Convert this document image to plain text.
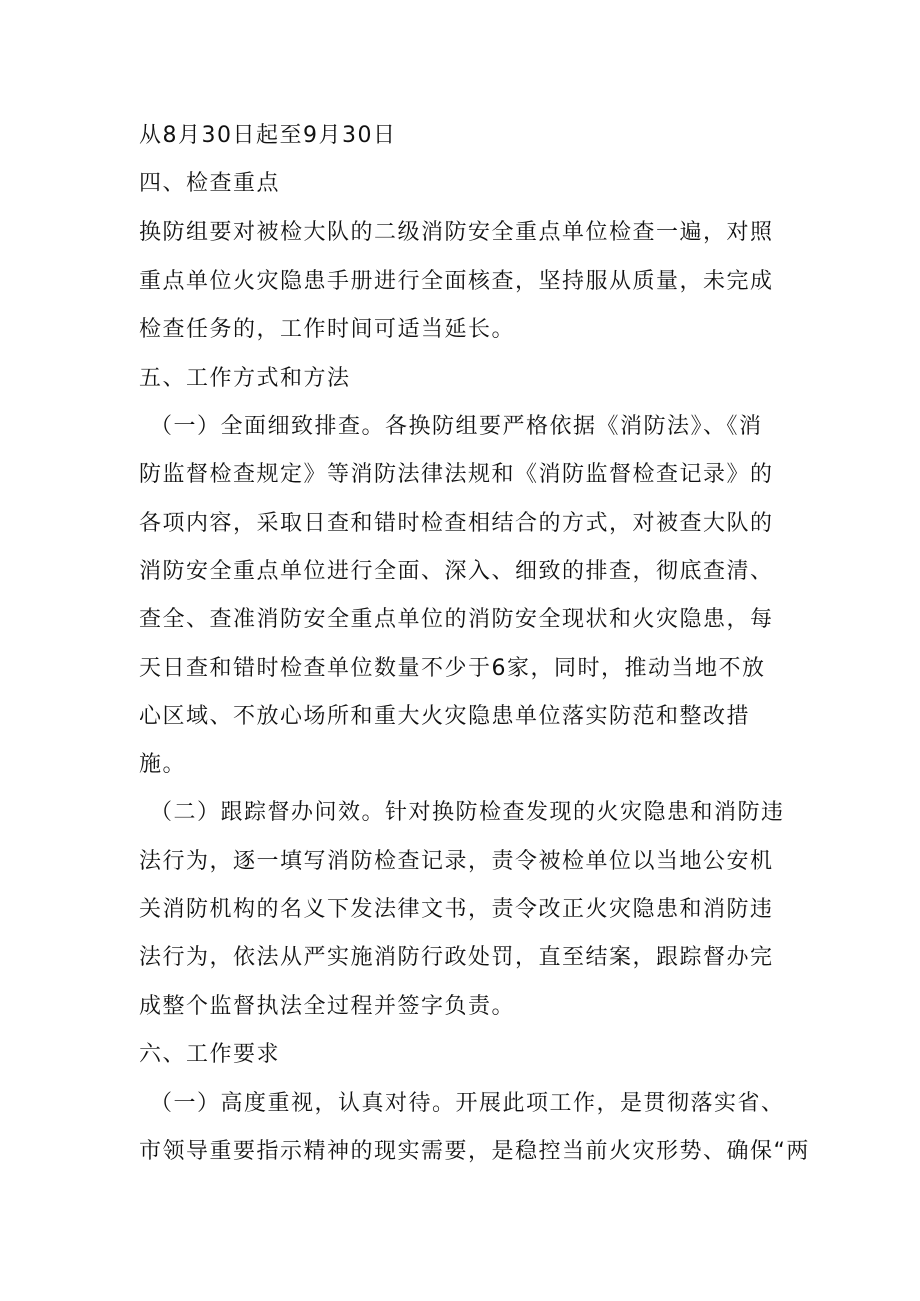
从8月30日起至9月30日
四、检查重点
换防组要对被检大队的二级消防安全重点单位检查一遍，对照
重点单位火灾隐患手册进行全面核查，坚持服从质量，未完成
检查任务的，工作时间可适当延长。
五、工作方式和方法
（一）全面细致排查。各换防组要严格依据《消防法》、《消
防监督检查规定》等消防法律法规和《消防监督检查记录》的
各项内容，采取日查和错时检查相结合的方式，对被查大队的
消防安全重点单位进行全面、深入、细致的排查，彻底查清、
查全、查准消防安全重点单位的消防安全现状和火灾隐患，每
天日查和错时检查单位数量不少于6家，同时，推动当地不放
心区域、不放心场所和重大火灾隐患单位落实防范和整改措
施。
（二）跟踪督办问效。针对换防检查发现的火灾隐患和消防违
法行为，逐一填写消防检查记录，责令被检单位以当地公安机
关消防机构的名义下发法律文书，责令改正火灾隐患和消防违
法行为，依法从严实施消防行政处罚，直至结案，跟踪督办完
成整个监督执法全过程并签字负责。
六、工作要求
（一）高度重视，认真对待。开展此项工作，是贯彻落实省、
市领导重要指示精神的现实需要，是稳控当前火灾形势、确保“两
